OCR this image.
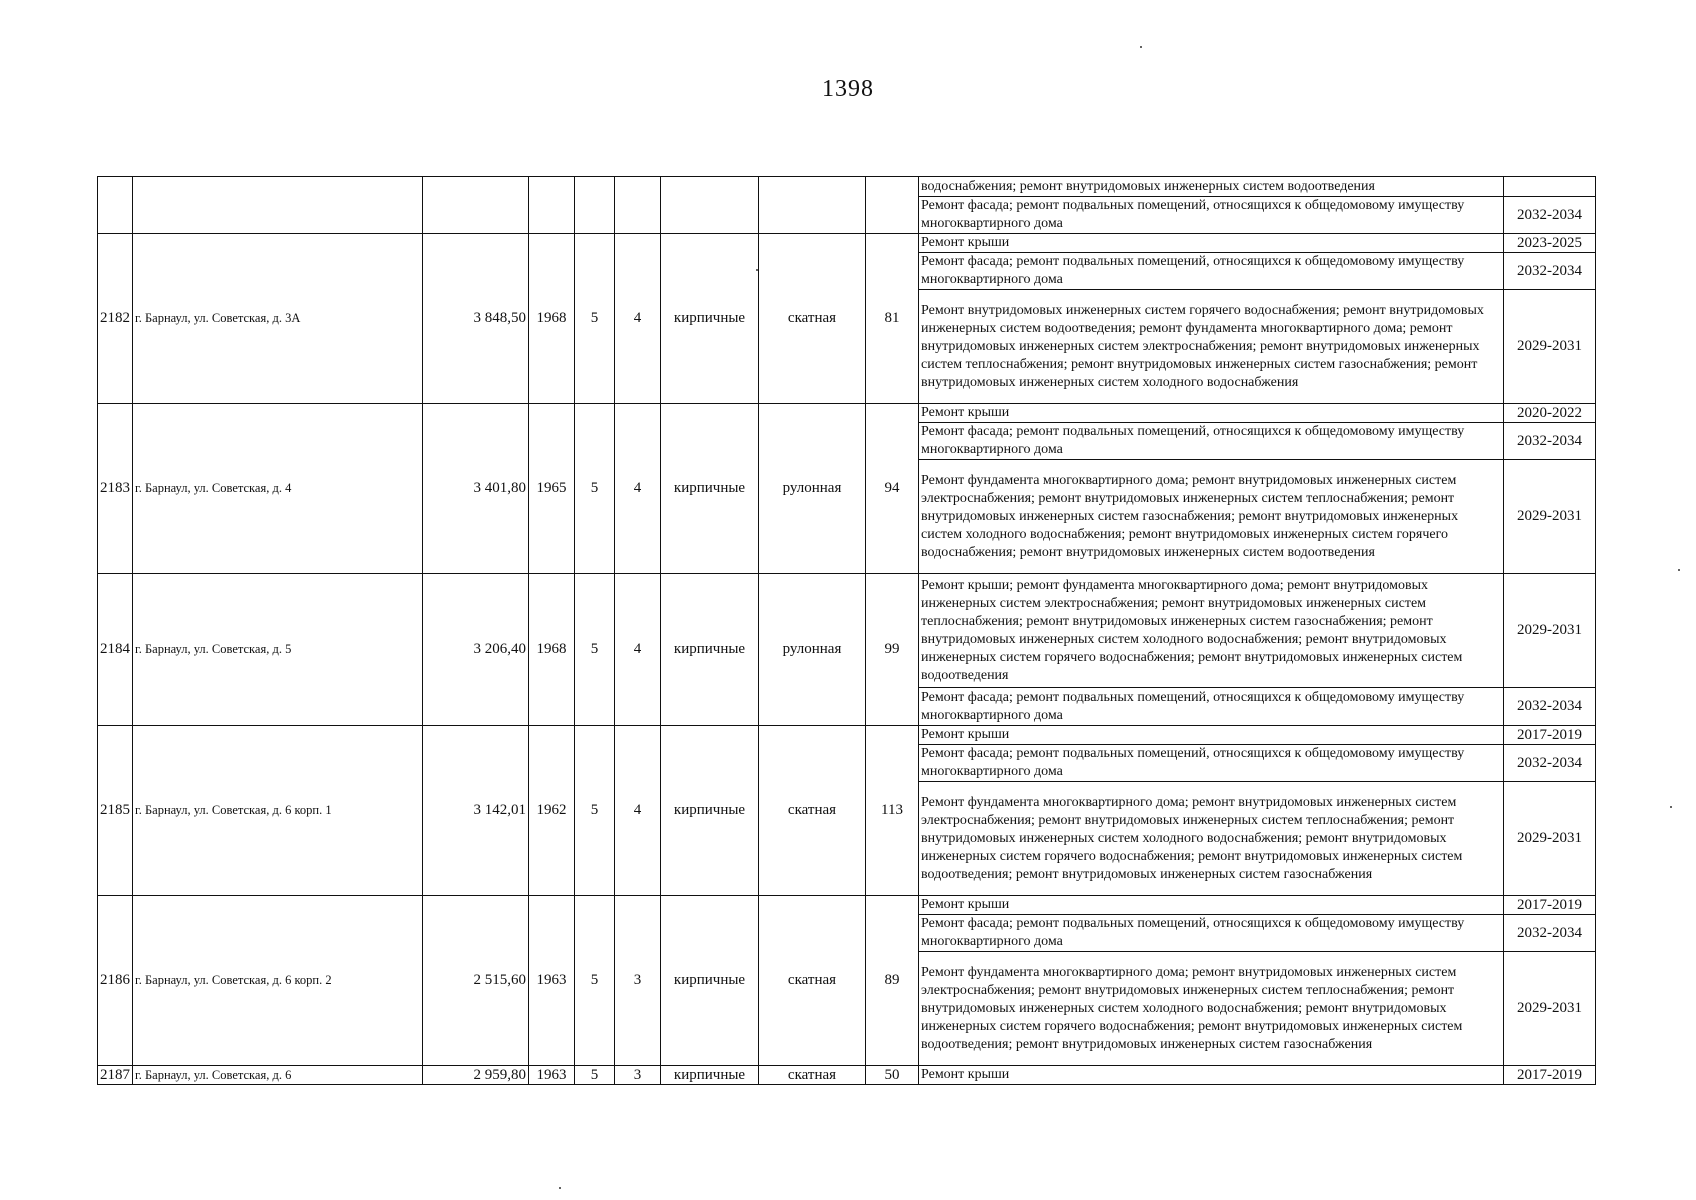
1398
									водоснабжения; ремонт внутридомовых инженерных систем водоотведения	
									Ремонт фасада; ремонт подвальных помещений, относящихся к общедомовому имуществу многоквартирного дома	2032-2034
2182	г. Барнаул, ул. Советская, д. 3А	3 848,50	1968	5	4	кирпичные	скатная	81	Ремонт крыши	2023-2025
									Ремонт фасада; ремонт подвальных помещений, относящихся к общедомовому имуществу многоквартирного дома	2032-2034
									Ремонт внутридомовых инженерных систем горячего водоснабжения; ремонт внутридомовых инженерных систем водоотведения; ремонт фундамента многоквартирного дома; ремонт внутридомовых инженерных систем электроснабжения; ремонт внутридомовых инженерных систем теплоснабжения; ремонт внутридомовых инженерных систем газоснабжения; ремонт внутридомовых инженерных систем холодного водоснабжения	2029-2031
2183	г. Барнаул, ул. Советская, д. 4	3 401,80	1965	5	4	кирпичные	рулонная	94	Ремонт крыши	2020-2022
									Ремонт фасада; ремонт подвальных помещений, относящихся к общедомовому имуществу многоквартирного дома	2032-2034
									Ремонт фундамента многоквартирного дома; ремонт внутридомовых инженерных систем электроснабжения; ремонт внутридомовых инженерных систем теплоснабжения; ремонт внутридомовых инженерных систем газоснабжения; ремонт внутридомовых инженерных систем холодного водоснабжения; ремонт внутридомовых инженерных систем горячего водоснабжения; ремонт внутридомовых инженерных систем водоотведения	2029-2031
2184	г. Барнаул, ул. Советская, д. 5	3 206,40	1968	5	4	кирпичные	рулонная	99	Ремонт крыши; ремонт фундамента многоквартирного дома; ремонт внутридомовых инженерных систем электроснабжения; ремонт внутридомовых инженерных систем теплоснабжения; ремонт внутридомовых инженерных систем газоснабжения; ремонт внутридомовых инженерных систем холодного водоснабжения; ремонт внутридомовых инженерных систем горячего водоснабжения; ремонт внутридомовых инженерных систем водоотведения	2029-2031
									Ремонт фасада; ремонт подвальных помещений, относящихся к общедомовому имуществу многоквартирного дома	2032-2034
2185	г. Барнаул, ул. Советская, д. 6 корп. 1	3 142,01	1962	5	4	кирпичные	скатная	113	Ремонт крыши	2017-2019
									Ремонт фасада; ремонт подвальных помещений, относящихся к общедомовому имуществу многоквартирного дома	2032-2034
									Ремонт фундамента многоквартирного дома; ремонт внутридомовых инженерных систем электроснабжения; ремонт внутридомовых инженерных систем теплоснабжения; ремонт внутридомовых инженерных систем холодного водоснабжения; ремонт внутридомовых инженерных систем горячего водоснабжения; ремонт внутридомовых инженерных систем водоотведения; ремонт внутридомовых инженерных систем газоснабжения	2029-2031
2186	г. Барнаул, ул. Советская, д. 6 корп. 2	2 515,60	1963	5	3	кирпичные	скатная	89	Ремонт крыши	2017-2019
									Ремонт фасада; ремонт подвальных помещений, относящихся к общедомовому имуществу многоквартирного дома	2032-2034
									Ремонт фундамента многоквартирного дома; ремонт внутридомовых инженерных систем электроснабжения; ремонт внутридомовых инженерных систем теплоснабжения; ремонт внутридомовых инженерных систем холодного водоснабжения; ремонт внутридомовых инженерных систем горячего водоснабжения; ремонт внутридомовых инженерных систем водоотведения; ремонт внутридомовых инженерных систем газоснабжения	2029-2031
2187	г. Барнаул, ул. Советская, д. 6	2 959,80	1963	5	3	кирпичные	скатная	50	Ремонт крыши	2017-2019
